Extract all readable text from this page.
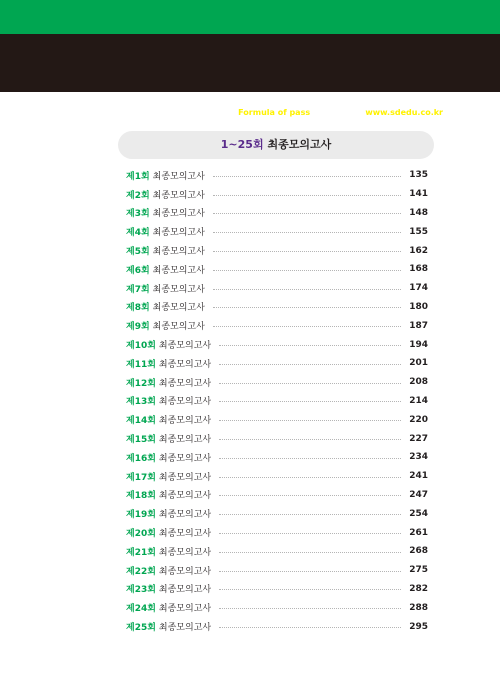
합격의 공식 Formula of pass | 시대에듀 www.sdedu.co.kr
1~25회 최종모의고사
제1회 최종모의고사	135
제2회 최종모의고사	141
제3회 최종모의고사	148
제4회 최종모의고사	155
제5회 최종모의고사	162
제6회 최종모의고사	168
제7회 최종모의고사	174
제8회 최종모의고사	180
제9회 최종모의고사	187
제10회 최종모의고사	194
제11회 최종모의고사	201
제12회 최종모의고사	208
제13회 최종모의고사	214
제14회 최종모의고사	220
제15회 최종모의고사	227
제16회 최종모의고사	234
제17회 최종모의고사	241
제18회 최종모의고사	247
제19회 최종모의고사	254
제20회 최종모의고사	261
제21회 최종모의고사	268
제22회 최종모의고사	275
제23회 최종모의고사	282
제24회 최종모의고사	288
제25회 최종모의고사	295
